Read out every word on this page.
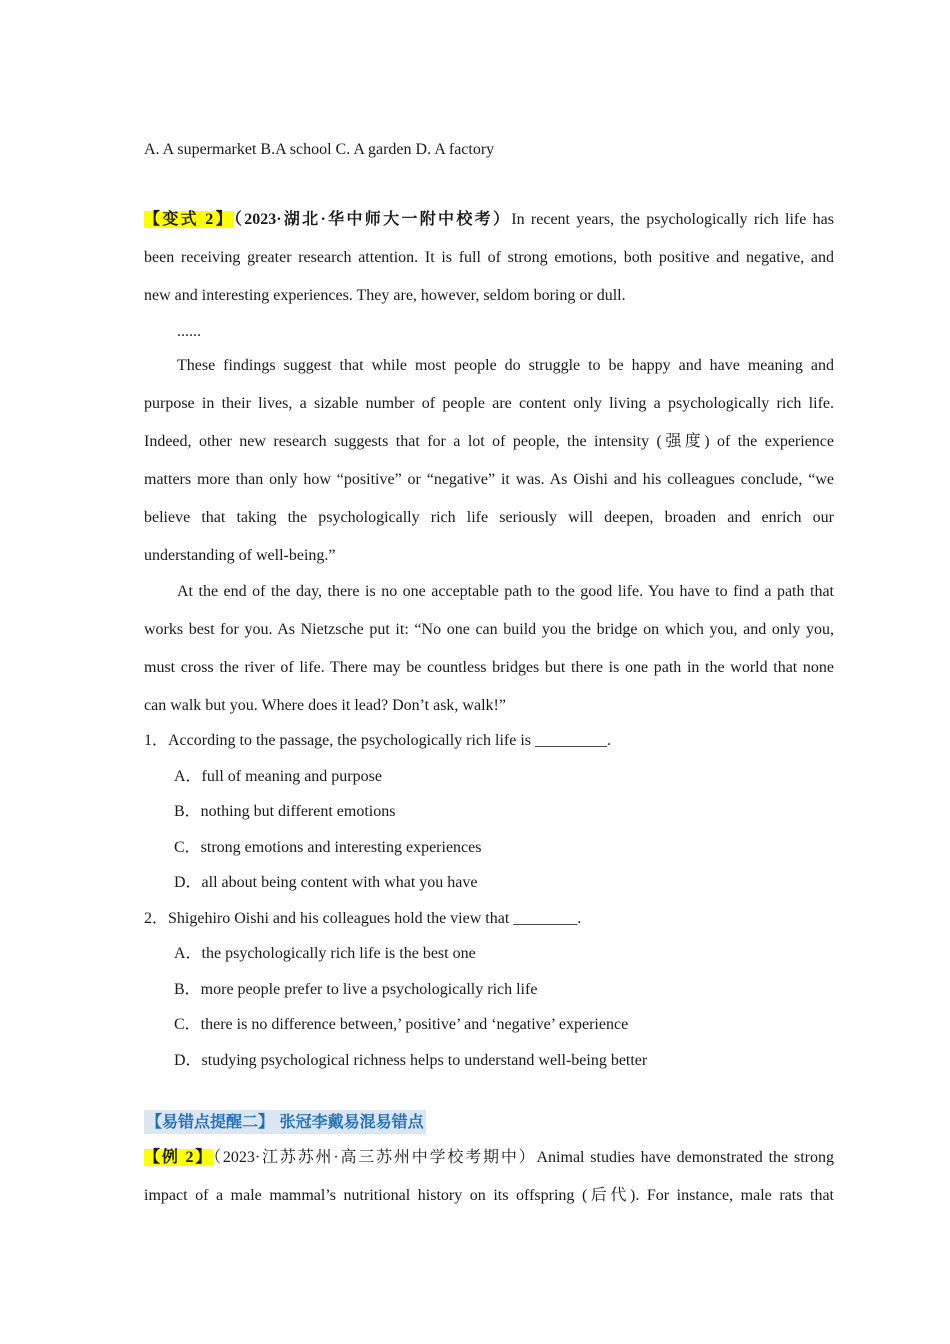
A. A supermarket B.A school C. A garden D. A factory
【变式 2】（2023·湖北·华中师大一附中校考）In recent years, the psychologically rich life has
been receiving greater research attention. It is full of strong emotions, both positive and negative, and
new and interesting experiences. They are, however, seldom boring or dull.
......
These findings suggest that while most people do struggle to be happy and have meaning and
purpose in their lives, a sizable number of people are content only living a psychologically rich life.
Indeed, other new research suggests that for a lot of people, the intensity (强度) of the experience
matters more than only how “positive” or “negative” it was. As Oishi and his colleagues conclude, “we
believe that taking the psychologically rich life seriously will deepen, broaden and enrich our
understanding of well-being.”
At the end of the day, there is no one acceptable path to the good life. You have to find a path that
works best for you. As Nietzsche put it: “No one can build you the bridge on which you, and only you,
must cross the river of life. There may be countless bridges but there is one path in the world that none
can walk but you. Where does it lead? Don’t ask, walk!”
1．According to the passage, the psychologically rich life is _________.
A．full of meaning and purpose
B．nothing but different emotions
C．strong emotions and interesting experiences
D．all about being content with what you have
2．Shigehiro Oishi and his colleagues hold the view that ________.
A．the psychologically rich life is the best one
B．more people prefer to live a psychologically rich life
C．there is no difference between,’ positive’ and ‘negative’ experience
D．studying psychological richness helps to understand well-being better
【易错点提醒二】 张冠李戴易混易错点
【例 2】（2023·江苏苏州·高三苏州中学校考期中）Animal studies have demonstrated the strong
impact of a male mammal’s nutritional history on its offspring (后代). For instance, male rats that
